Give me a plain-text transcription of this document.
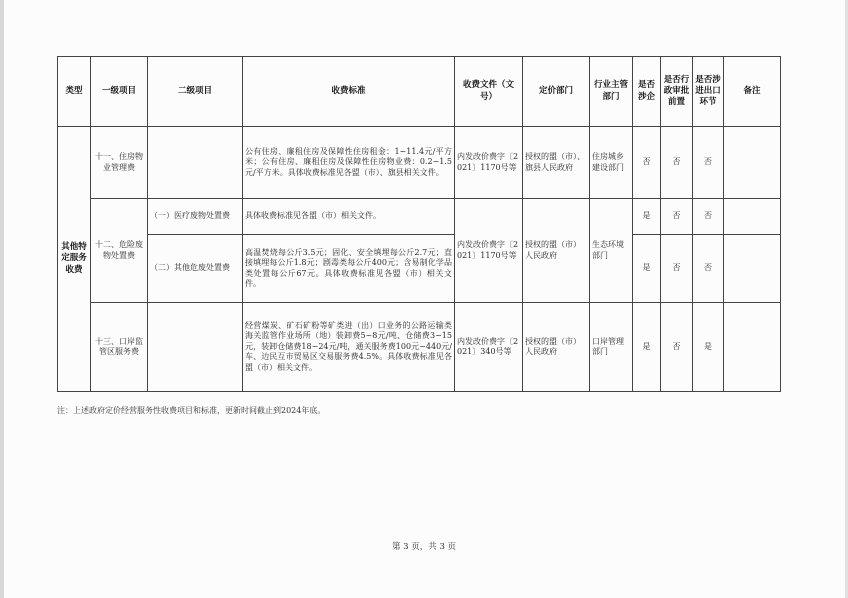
类型	一级项目	二级项目	收费标准	收费文件（文号）	定价部门	行业主管部门	是否涉企	是否行政审批前置	是否涉进出口环节	备注
其他特定服务收费	十一、住房物业管理费		公有住房、廉租住房及保障性住房租金：1~11.4元/平方米；公有住房、廉租住房及保障性住房物业费：0.2~1.5元/平方米。具体收费标准见各盟（市）、旗县相关文件。	内发改价费字〔2021〕1170号等	授权的盟（市）、旗县人民政府	住房城乡建设部门	否	否	否	
	十二、危险废物处置费	（一）医疗废物处置费	具体收费标准见各盟（市）相关文件。	内发改价费字〔2021〕1170号等	授权的盟（市）人民政府	生态环境部门	是	否	否	
		（二）其他危废处置费	高温焚烧每公斤3.5元；固化、安全填埋每公斤2.7元；直接填埋每公斤1.8元；剧毒类每公斤400元；含易制化学品类处置每公斤67元。具体收费标准见各盟（市）相关文件。				是	否	否	
	十三、口岸监管区服务费		经营煤炭、矿石矿粉等矿类进（出）口业务的公路运输类海关监管作业场所（地）装卸费5~8元/吨、仓储费3~15元，装卸仓储费18~24元/吨，通关服务费100元~440元/车、边民互市贸易区交易服务费4.5%。具体收费标准见各盟（市）相关文件。	内发改价费字〔2021〕340号等	授权的盟（市）人民政府	口岸管理部门	是	否	是	
注：上述政府定价经营服务性收费项目和标准，更新时间截止到2024年底。
第 3 页，共 3 页
